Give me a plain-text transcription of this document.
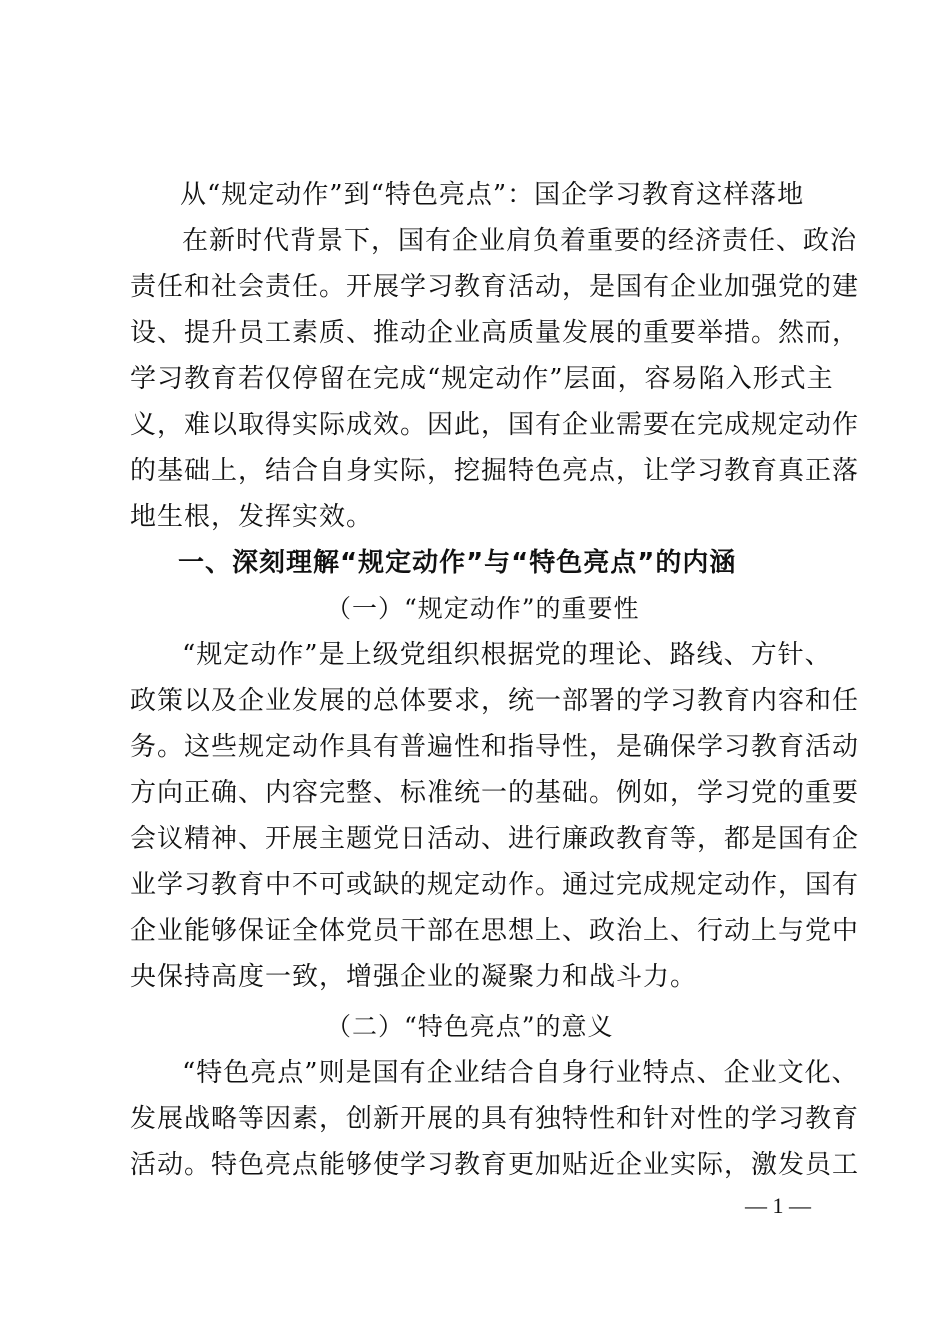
从“规定动作”到“特色亮点”：国企学习教育这样落地
在新时代背景下，国有企业肩负着重要的经济责任、政治
责任和社会责任。开展学习教育活动，是国有企业加强党的建
设、提升员工素质、推动企业高质量发展的重要举措。然而，
学习教育若仅停留在完成“规定动作”层面，容易陷入形式主
义，难以取得实际成效。因此，国有企业需要在完成规定动作
的基础上，结合自身实际，挖掘特色亮点，让学习教育真正落
地生根，发挥实效。
一、深刻理解“规定动作”与“特色亮点”的内涵
（一）“规定动作”的重要性
“规定动作”是上级党组织根据党的理论、路线、方针、
政策以及企业发展的总体要求，统一部署的学习教育内容和任
务。这些规定动作具有普遍性和指导性，是确保学习教育活动
方向正确、内容完整、标准统一的基础。例如，学习党的重要
会议精神、开展主题党日活动、进行廉政教育等，都是国有企
业学习教育中不可或缺的规定动作。通过完成规定动作，国有
企业能够保证全体党员干部在思想上、政治上、行动上与党中
央保持高度一致，增强企业的凝聚力和战斗力。
（二）“特色亮点”的意义
“特色亮点”则是国有企业结合自身行业特点、企业文化、
发展战略等因素，创新开展的具有独特性和针对性的学习教育
活动。特色亮点能够使学习教育更加贴近企业实际，激发员工
— 1 —
